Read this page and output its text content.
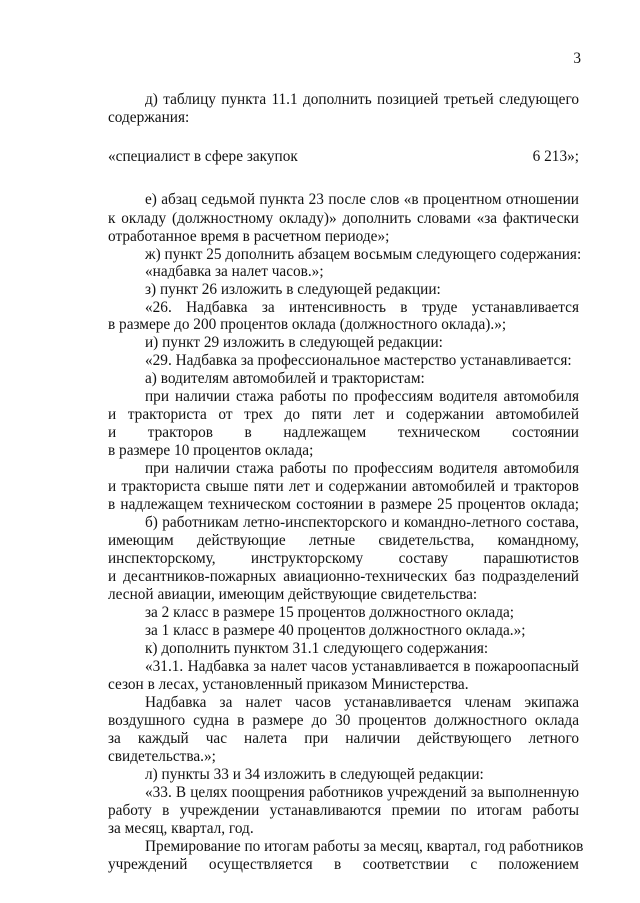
3
д) таблицу пункта 11.1 дополнить позицией третьей следующего
содержания:
«специалист в сфере закупок	6 213»;
е) абзац седьмой пункта 23 после слов «в процентном отношении
к окладу (должностному окладу)» дополнить словами «за фактически
отработанное время в расчетном периоде»;
ж) пункт 25 дополнить абзацем восьмым следующего содержания:
«надбавка за налет часов.»;
з) пункт 26 изложить в следующей редакции:
«26. Надбавка за интенсивность в труде устанавливается
в размере до 200 процентов оклада (должностного оклада).»;
и) пункт 29 изложить в следующей редакции:
«29. Надбавка за профессиональное мастерство устанавливается:
а) водителям автомобилей и трактористам:
при наличии стажа работы по профессиям водителя автомобиля
и тракториста от трех до пяти лет и содержании автомобилей
и тракторов в надлежащем техническом состоянии
в размере 10 процентов оклада;
при наличии стажа работы по профессиям водителя автомобиля
и тракториста свыше пяти лет и содержании автомобилей и тракторов
в надлежащем техническом состоянии в размере 25 процентов оклада;
б) работникам летно-инспекторского и командно-летного состава,
имеющим действующие летные свидетельства, командному,
инспекторскому, инструкторскому составу парашютистов
и десантников-пожарных авиационно-технических баз подразделений
лесной авиации, имеющим действующие свидетельства:
за 2 класс в размере 15 процентов должностного оклада;
за 1 класс в размере 40 процентов должностного оклада.»;
к) дополнить пунктом 31.1 следующего содержания:
«31.1. Надбавка за налет часов устанавливается в пожароопасный
сезон в лесах, установленный приказом Министерства.
Надбавка за налет часов устанавливается членам экипажа
воздушного судна в размере до 30 процентов должностного оклада
за каждый час налета при наличии действующего летного
свидетельства.»;
л) пункты 33 и 34 изложить в следующей редакции:
«33. В целях поощрения работников учреждений за выполненную
работу в учреждении устанавливаются премии по итогам работы
за месяц, квартал, год.
Премирование по итогам работы за месяц, квартал, год работников
учреждений осуществляется в соответствии с положением
